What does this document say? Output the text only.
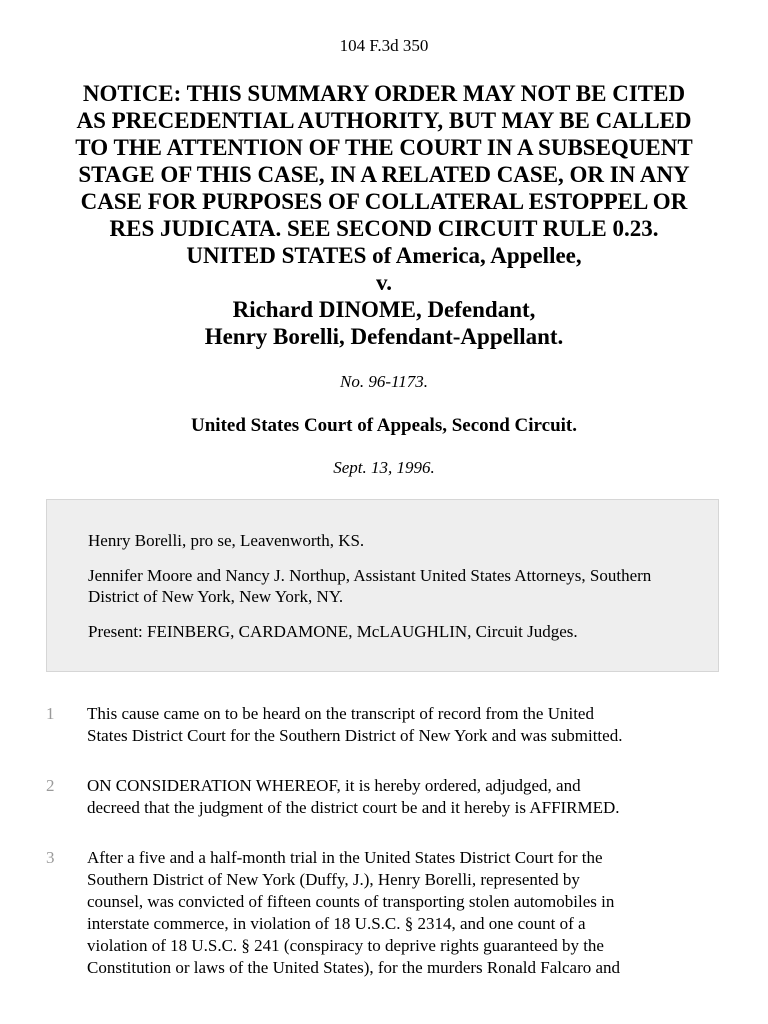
104 F.3d 350
NOTICE: THIS SUMMARY ORDER MAY NOT BE CITED
AS PRECEDENTIAL AUTHORITY, BUT MAY BE CALLED
TO THE ATTENTION OF THE COURT IN A SUBSEQUENT
STAGE OF THIS CASE, IN A RELATED CASE, OR IN ANY
CASE FOR PURPOSES OF COLLATERAL ESTOPPEL OR
RES JUDICATA. SEE SECOND CIRCUIT RULE 0.23.
UNITED STATES of America, Appellee,
v.
Richard DINOME, Defendant,
Henry Borelli, Defendant-Appellant.
No. 96-1173.
United States Court of Appeals, Second Circuit.
Sept. 13, 1996.

Henry Borelli, pro se, Leavenworth, KS.

Jennifer Moore and Nancy J. Northup, Assistant United States Attorneys, Southern District of New York, New York, NY.

Present: FEINBERG, CARDAMONE, McLAUGHLIN, Circuit Judges.

1 This cause came on to be heard on the transcript of record from the United
States District Court for the Southern District of New York and was submitted.
2 ON CONSIDERATION WHEREOF, it is hereby ordered, adjudged, and
decreed that the judgment of the district court be and it hereby is AFFIRMED.
3 After a five and a half-month trial in the United States District Court for the
Southern District of New York (Duffy, J.), Henry Borelli, represented by
counsel, was convicted of fifteen counts of transporting stolen automobiles in
interstate commerce, in violation of 18 U.S.C. § 2314, and one count of a
violation of 18 U.S.C. § 241 (conspiracy to deprive rights guaranteed by the
Constitution or laws of the United States), for the murders Ronald Falcaro and
